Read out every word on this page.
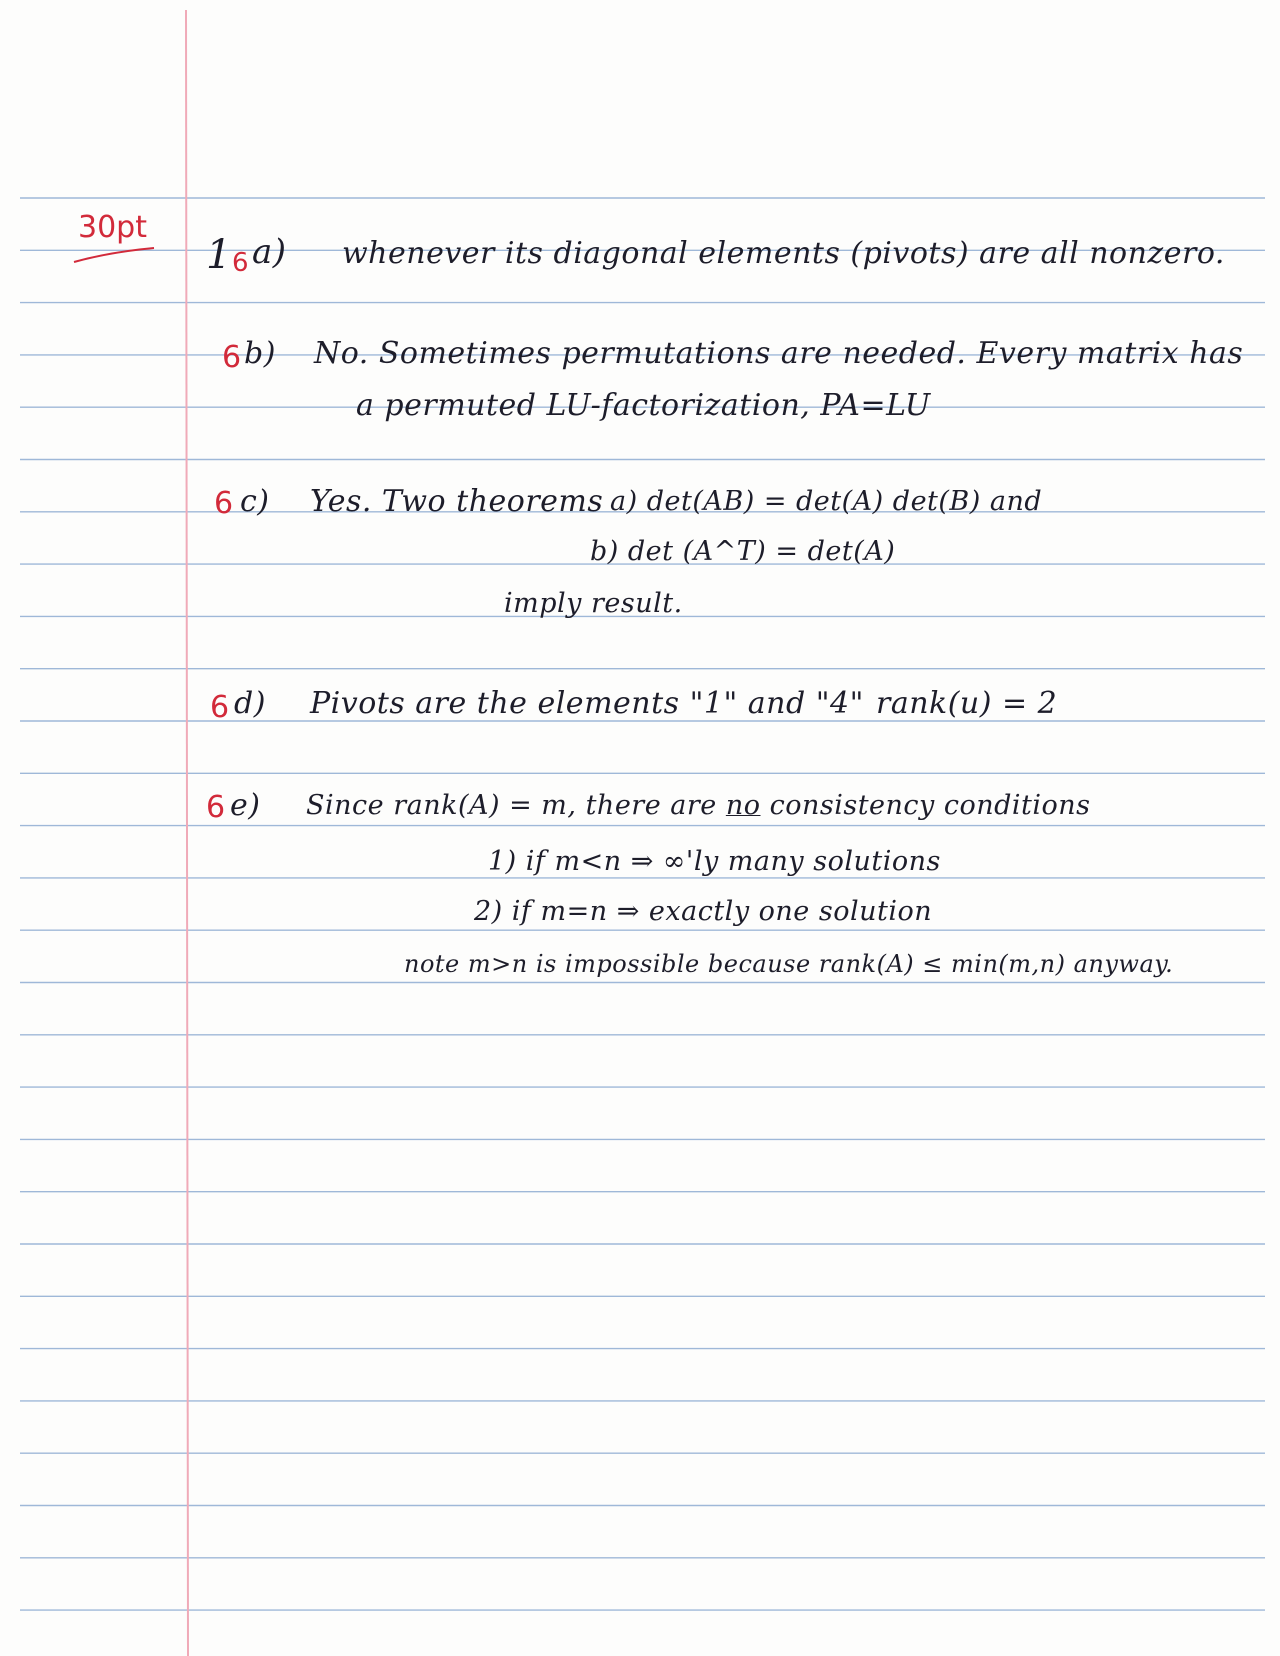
30pt
1 6 a) whenever its diagonal elements (pivots) are all nonzero.
6 b) No. Sometimes permutations are needed. Every matrix has
a permuted LU-factorization, PA=LU
6 c) Yes. Two theorems a) det(AB) = det(A) det(B) and
b) det (A^T) = det(A)
imply result.
6 d) Pivots are the elements "1" and "4" rank(u) = 2
6 e) Since rank(A) = m, there are no consistency conditions
1) if m<n ⇒ ∞'ly many solutions
2) if m=n ⇒ exactly one solution
note m>n is impossible because rank(A) ≤ min(m,n) anyway.
